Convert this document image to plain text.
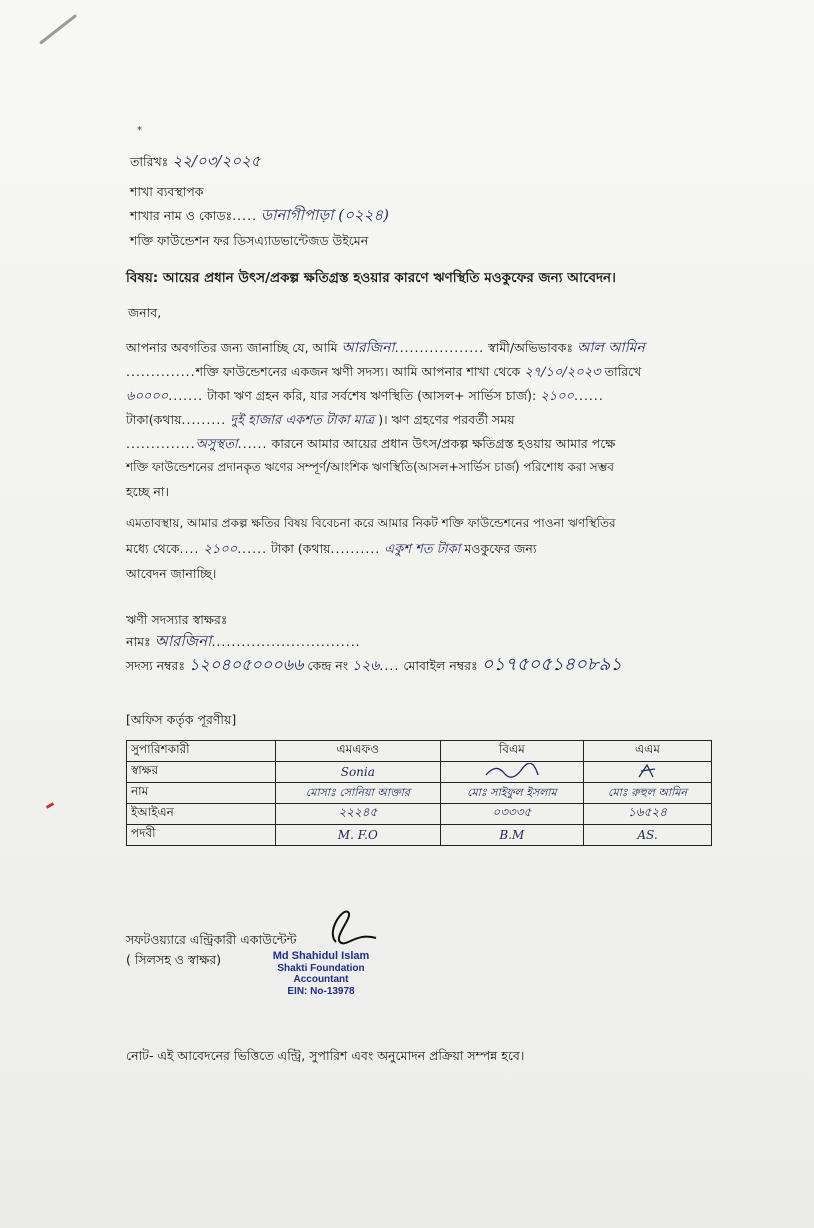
*
তারিখঃ ২২/০৩/২০২৫
শাখা ব্যবস্থাপক
শাখার নাম ও কোডঃ..... ডানাগীপাড়া (০২২৪)
শক্তি ফাউন্ডেশন ফর ডিসএ্যাডভান্টেজড উইমেন
বিষয়: আয়ের প্রধান উৎস/প্রকল্প ক্ষতিগ্রস্ত হওয়ার কারণে ঋণস্থিতি মওকুফের জন্য আবেদন।
জনাব,
আপনার অবগতির জন্য জানাচ্ছি যে, আমি আরজিনা.................. স্বামী/অভিভাবকঃ আল আমিন
..............শক্তি ফাউন্ডেশনের একজন ঋণী সদস্য। আমি আপনার শাখা থেকে ২৭/১০/২০২৩ তারিখে
৬০০০০....... টাকা ঋণ গ্রহন করি, যার সর্বশেষ ঋণস্থিতি (আসল+ সার্ভিস চার্জ): ২১০০......
টাকা(কথায়......... দুই হাজার একশত টাকা মাত্র )। ঋণ গ্রহণের পরবর্তী সময়
..............অসুস্থতা...... কারনে আমার আয়ের প্রধান উৎস/প্রকল্প ক্ষতিগ্রস্ত হওয়ায় আমার পক্ষে
শক্তি ফাউন্ডেশনের প্রদানকৃত ঋণের সম্পূর্ণ/আংশিক ঋণস্থিতি(আসল+সার্ভিস চার্জ) পরিশোধ করা সম্ভব
হচ্ছে না।
এমতাবস্থায়, আমার প্রকল্প ক্ষতির বিষয় বিবেচনা করে আমার নিকট শক্তি ফাউন্ডেশনের পাওনা ঋণস্থিতির
মধ্যে থেকে.... ২১০০...... টাকা (কথায়.......... একুশ শত টাকা মওকুফের জন্য
আবেদন জানাচ্ছি।
ঋণী সদস্যার স্বাক্ষরঃ
নামঃ আরজিনা..............................
সদস্য নম্বরঃ ১২০৪০৫০০০৬৬ কেন্দ্র নং ১২৬.... মোবাইল নম্বরঃ ০১৭৫০৫১৪০৮৯১
[অফিস কর্তৃক পূরণীয়]
সুপারিশকারী	এমএফও	বিএম	এএম
স্বাক্ষর	Sonia		
নাম	মোসাঃ সোনিয়া আক্তার	মোঃ সাইফুল ইসলাম	মোঃ রুহুল আমিন
ইআইএন	২২২৪৫	০৩৩৩৫	১৬৫২৪
পদবী	M. F.O	B.M	AS.
সফটওয়্যারে এন্ট্রিকারী একাউন্টেন্ট
( সিলসহ ও স্বাক্ষর)	Md Shahidul Islam
Shakti Foundation
Accountant
EIN: No-13978
নোট- এই আবেদনের ভিত্তিতে এন্ট্রি, সুপারিশ এবং অনুমোদন প্রক্রিয়া সম্পন্ন হবে।
